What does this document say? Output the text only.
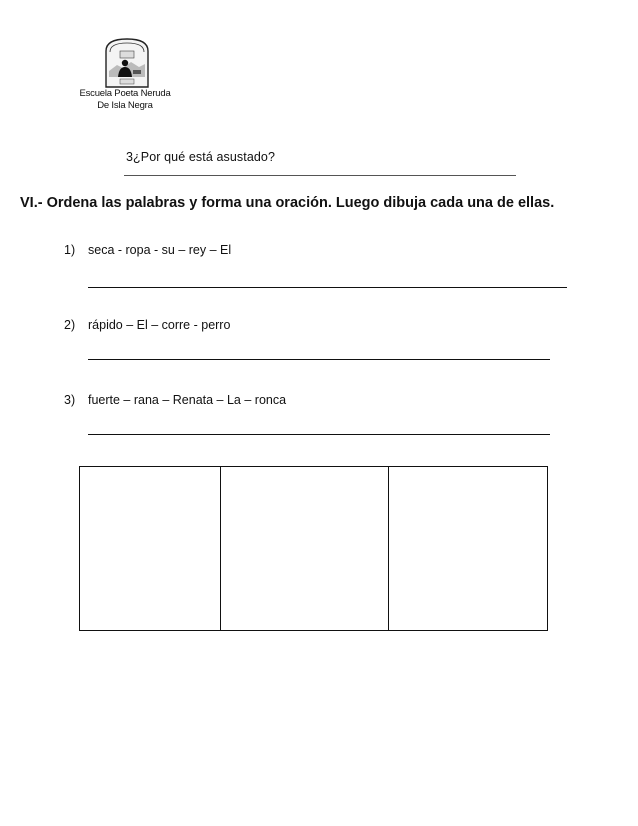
Escuela Poeta Neruda
De Isla Negra
3¿Por qué está asustado?
VI.- Ordena las palabras y forma una oración. Luego dibuja cada una de ellas.
1) seca - ropa - su – rey – El
2) rápido – El – corre - perro
3) fuerte – rana – Renata – La – ronca
